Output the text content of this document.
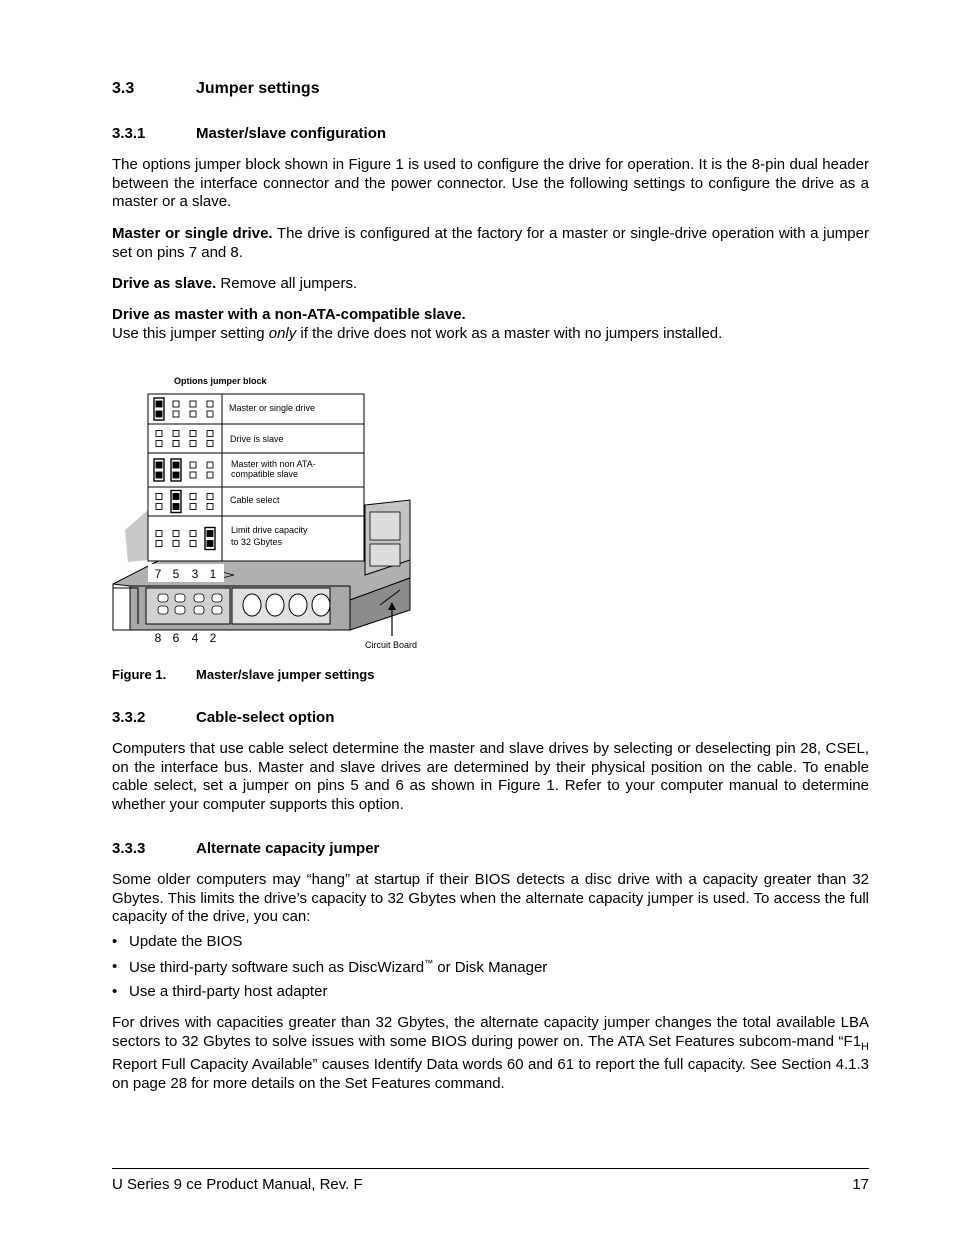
3.3	Jumper settings
3.3.1	Master/slave configuration

The options jumper block shown in Figure 1 is used to configure the drive for operation. It is the 8-pin dual header between the interface connector and the power connector. Use the following settings to configure the drive as a master or a slave.

Master or single drive. The drive is configured at the factory for a master or single-drive operation with a jumper set on pins 7 and 8.

Drive as slave. Remove all jumpers.

Drive as master with a non-ATA-compatible slave.

Use this jumper setting only if the drive does not work as a master with no jumpers installed.

Options jumper block
Master or single drive
Drive is slave
Master with non ATA-
compatible slave
Cable select
Limit drive capacity
to 32 Gbytes
7 5 3 1
8 6 4 2	Circuit Board
Figure 1. Master/slave jumper settings
3.3.2	Cable-select option

Computers that use cable select determine the master and slave drives by selecting or deselecting pin 28, CSEL, on the interface bus. Master and slave drives are determined by their physical position on the cable. To enable cable select, set a jumper on pins 5 and 6 as shown in Figure 1. Refer to your computer manual to determine whether your computer supports this option.

3.3.3	Alternate capacity jumper

Some older computers may “hang” at startup if their BIOS detects a disc drive with a capacity greater than 32 Gbytes. This limits the drive’s capacity to 32 Gbytes when the alternate capacity jumper is used. To access the full capacity of the drive, you can:

• Update the BIOS
• Use third-party software such as DiscWizard™ or Disk Manager
• Use a third-party host adapter

For drives with capacities greater than 32 Gbytes, the alternate capacity jumper changes the total available LBA sectors to 32 Gbytes to solve issues with some BIOS during power on. The ATA Set Features subcom-mand “$F1_H$ Report Full Capacity Available” causes Identify Data words 60 and 61 to report the full capacity. See Section 4.1.3 on page 28 for more details on the Set Features command.

U Series 9 ce Product Manual, Rev. F	17
